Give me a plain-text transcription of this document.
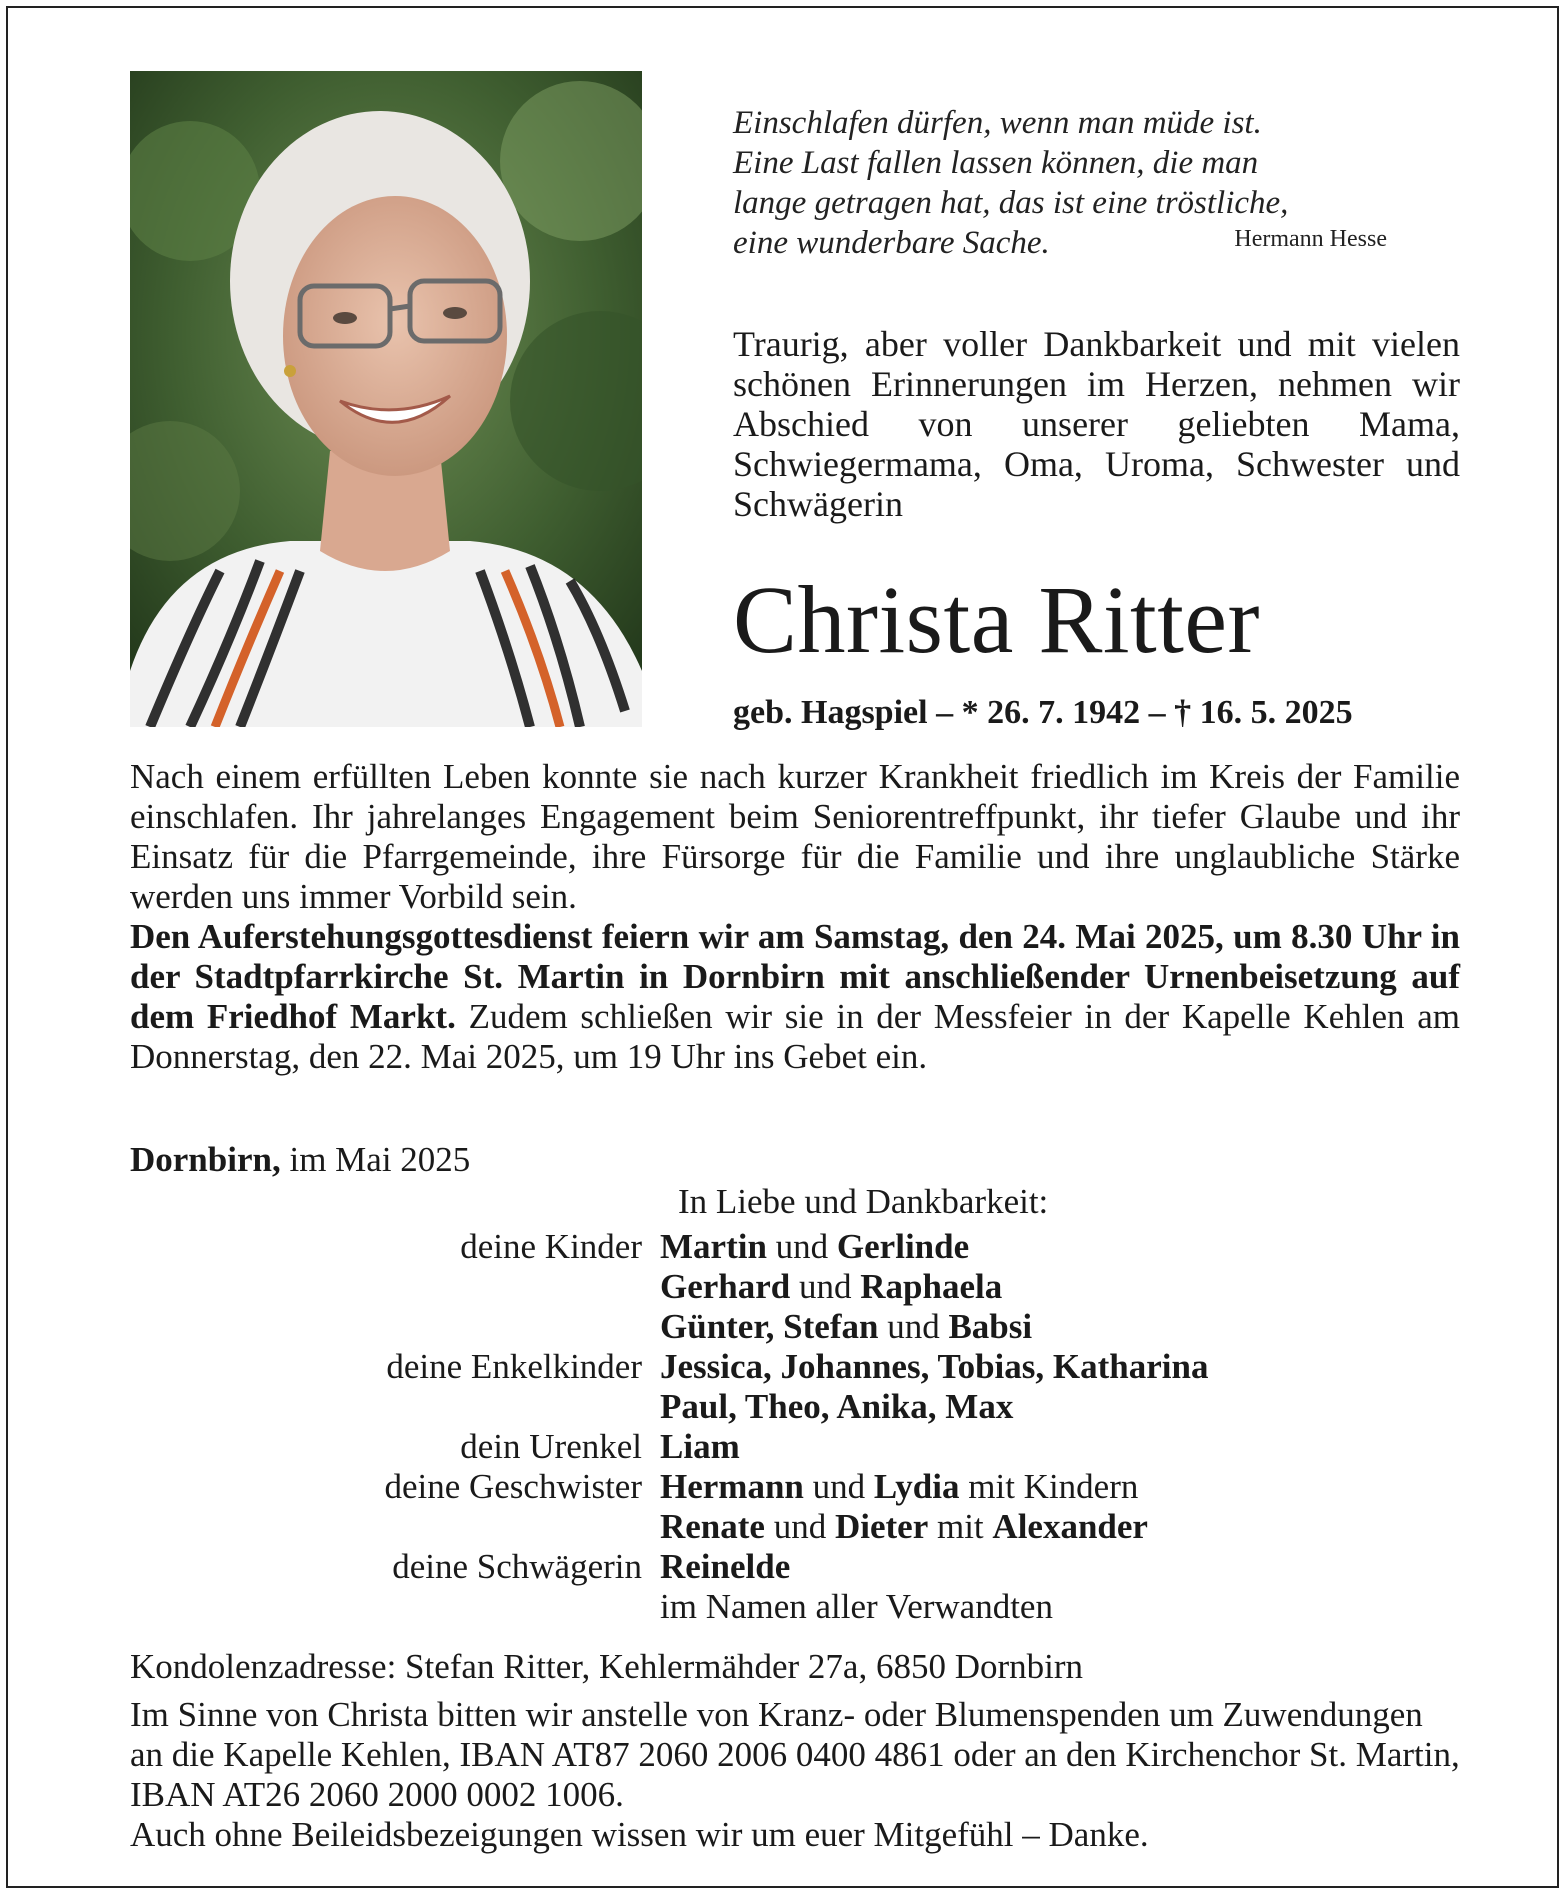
Einschlafen dürfen, wenn man müde ist.
Eine Last fallen lassen können, die man
lange getragen hat, das ist eine tröstliche,
eine wunderbare Sache.	Hermann Hesse
Traurig, aber voller Dankbarkeit und mit vielen schönen Erinnerungen im Herzen, nehmen wir Abschied von unserer geliebten Mama, Schwiegermama, Oma, Uroma, Schwester und Schwägerin
Christa Ritter
geb. Hagspiel – * 26. 7. 1942 – † 16. 5. 2025
Nach einem erfüllten Leben konnte sie nach kurzer Krankheit friedlich im Kreis der Familie einschlafen. Ihr jahrelanges Engagement beim Seniorentreffpunkt, ihr tiefer Glaube und ihr Einsatz für die Pfarrgemeinde, ihre Fürsorge für die Familie und ihre unglaubliche Stärke werden uns immer Vorbild sein.
Den Auferstehungsgottesdienst feiern wir am Samstag, den 24. Mai 2025, um 8.30 Uhr in der Stadtpfarrkirche St. Martin in Dornbirn mit anschließender Urnenbeisetzung auf dem Friedhof Markt. Zudem schließen wir sie in der Messfeier in der Kapelle Kehlen am Donnerstag, den 22. Mai 2025, um 19 Uhr ins Gebet ein.
Dornbirn, im Mai 2025
In Liebe und Dankbarkeit:
deine Kinder Martin und Gerlinde
Gerhard und Raphaela
Günter, Stefan und Babsi
deine Enkelkinder Jessica, Johannes, Tobias, Katharina
Paul, Theo, Anika, Max
dein Urenkel Liam
deine Geschwister Hermann und Lydia mit Kindern
Renate und Dieter mit Alexander
deine Schwägerin Reinelde
im Namen aller Verwandten
Kondolenzadresse: Stefan Ritter, Kehlermähder 27a, 6850 Dornbirn
Im Sinne von Christa bitten wir anstelle von Kranz- oder Blumenspenden um Zuwendungen an die Kapelle Kehlen, IBAN AT87 2060 2006 0400 4861 oder an den Kirchenchor St. Martin, IBAN AT26 2060 2000 0002 1006.
Auch ohne Beileidsbezeigungen wissen wir um euer Mitgefühl – Danke.
